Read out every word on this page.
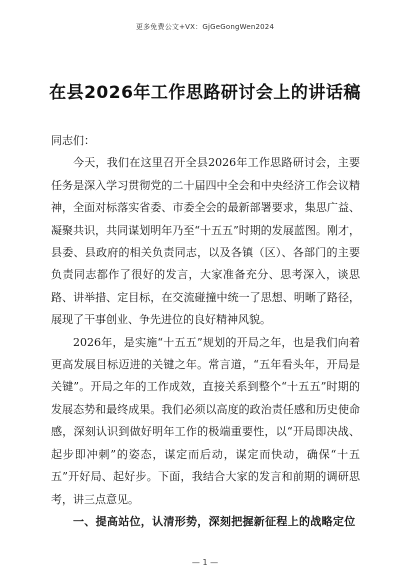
更多免费公文+VX：GjGeGongWen2024
在县2026年工作思路研讨会上的讲话稿

同志们：

今天，我们在这里召开全县2026年工作思路研讨会，主要任务是深入学习贯彻党的二十届四中全会和中央经济工作会议精神，全面对标落实省委、市委全会的最新部署要求，集思广益、凝聚共识，共同谋划明年乃至“十五五”时期的发展蓝图。刚才，县委、县政府的相关负责同志，以及各镇（区）、各部门的主要负责同志都作了很好的发言，大家准备充分、思考深入，谈思路、讲举措、定目标，在交流碰撞中统一了思想、明晰了路径，展现了干事创业、争先进位的良好精神风貌。

2026年，是实施“十五五”规划的开局之年，也是我们向着更高发展目标迈进的关键之年。常言道，“五年看头年，开局是关键”。开局之年的工作成效，直接关系到整个“十五五”时期的发展态势和最终成果。我们必须以高度的政治责任感和历史使命感，深刻认识到做好明年工作的极端重要性，以“开局即决战、起步即冲刺”的姿态，谋定而后动，谋定而快动，确保“十五五”开好局、起好步。下面，我结合大家的发言和前期的调研思考，讲三点意见。

一、提高站位，认清形势，深刻把握新征程上的战略定位

— 1 —
